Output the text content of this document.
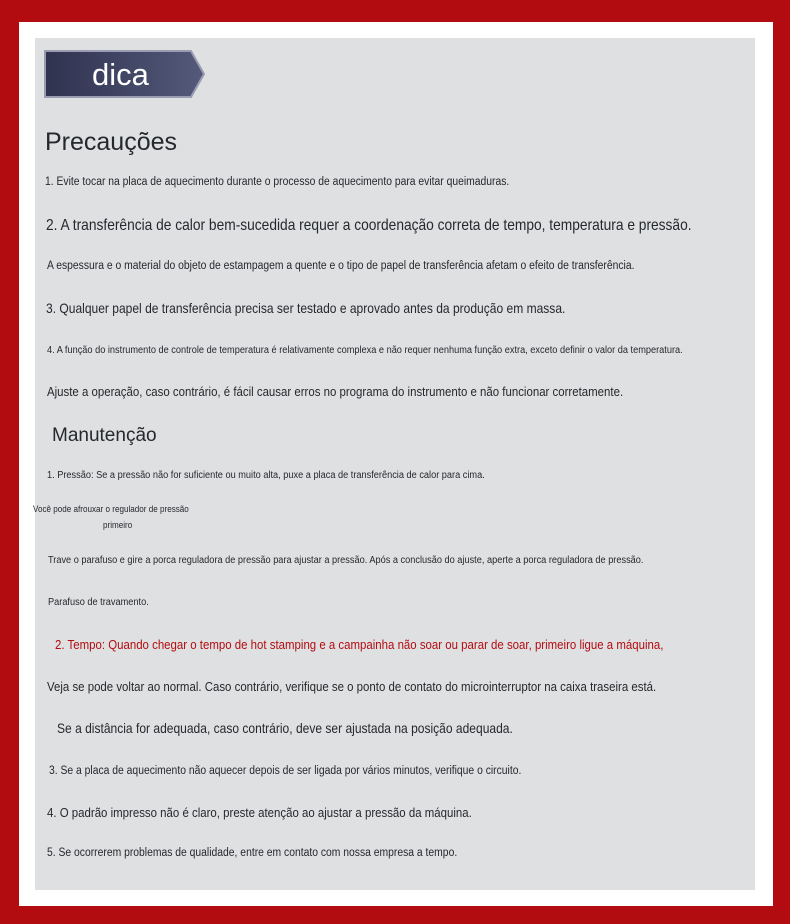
dica
Precauções
1. Evite tocar na placa de aquecimento durante o processo de aquecimento para evitar queimaduras.
2. A transferência de calor bem-sucedida requer a coordenação correta de tempo, temperatura e pressão.
A espessura e o material do objeto de estampagem a quente e o tipo de papel de transferência afetam o efeito de transferência.
3. Qualquer papel de transferência precisa ser testado e aprovado antes da produção em massa.
4. A função do instrumento de controle de temperatura é relativamente complexa e não requer nenhuma função extra, exceto definir o valor da temperatura.
Ajuste a operação, caso contrário, é fácil causar erros no programa do instrumento e não funcionar corretamente.
Manutenção
1. Pressão: Se a pressão não for suficiente ou muito alta, puxe a placa de transferência de calor para cima.
Você pode afrouxar o regulador de pressão
primeiro
Trave o parafuso e gire a porca reguladora de pressão para ajustar a pressão. Após a conclusão do ajuste, aperte a porca reguladora de pressão.
Parafuso de travamento.
2. Tempo: Quando chegar o tempo de hot stamping e a campainha não soar ou parar de soar, primeiro ligue a máquina,
Veja se pode voltar ao normal. Caso contrário, verifique se o ponto de contato do microinterruptor na caixa traseira está.
Se a distância for adequada, caso contrário, deve ser ajustada na posição adequada.
3. Se a placa de aquecimento não aquecer depois de ser ligada por vários minutos, verifique o circuito.
4. O padrão impresso não é claro, preste atenção ao ajustar a pressão da máquina.
5. Se ocorrerem problemas de qualidade, entre em contato com nossa empresa a tempo.
